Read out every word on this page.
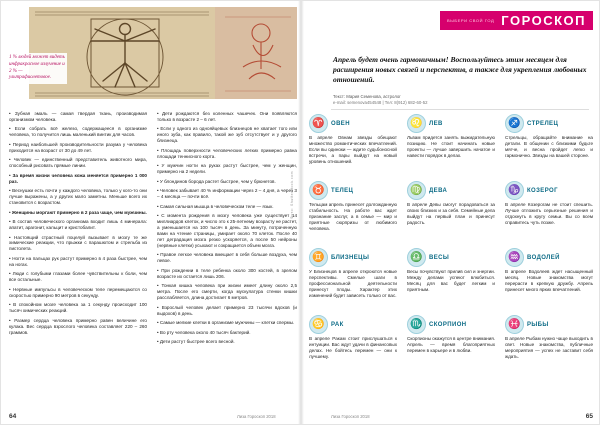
1 % людей может видеть инфракрасное излучение и 2 % — ультрафиолетовое.
• Зубная эмаль — самая твердая ткань, производимая организмом человека.
• Если собрать всё железо, содержащееся в организме человека, то получится лишь маленький винтик для часов.
• Период наибольшей производительности разума у человека приходится на возраст от 30 до 49 лет.
• Человек — единственный представитель животного мира, способный рисовать прямые линии.
• За время жизни человека кожа меняется примерно 1 000 раз.
• Веснушки есть почти у каждого человека, только у кого-то они лучше выражены, а у других мало заметны. Меньше всего их становится с возрастом.
• Женщины моргают примерно в 2 раза чаще, чем мужчины.
• В состав человеческого организма входит лишь 4 минерала: апатит, арагонит, кальцит и кристобалит.
• Настоящий страстный поцелуй вызывает в мозгу те же химические реакции, что прыжки с парашютом и стрельба из пистолета.
• Ногти на пальцах рук растут примерно в 4 раза быстрее, чем на ногах.
• Люди с голубыми глазами более чувствительны к боли, чем все остальные.
• Нервные импульсы в человеческом теле перемещаются со скоростью примерно 90 метров в секунду.
• В спокойном мозге человека за 1 секунду происходит 100 тысяч химических реакций.
• Размер сердца человека примерно равен величине его кулака. Вес сердца взрослого человека составляет 220 – 260 граммов.
• Дети рождаются без коленных чашечек. Они появляются только в возрасте 2 – 6 лет.
• Если у одного из однояйцевых близнецов не хватает того или иного зуба, как правило, такой же зуб отсутствует и у другого близнеца.
• Площадь поверхности человеческих легких примерно равна площади теннисного корта.
• У мужчин ногти на руках растут быстрее, чем у женщин, примерно на 2 недели.
• У блондинов борода растет быстрее, чем у брюнетов.
• Человек забывает 40 % информации через 2 – 4 дня, а через 3 – 4 месяца — почти всё.
• Самая сильная мышца в человеческом теле — язык.
• С момента рождения в мозгу человека уже существует 14 миллиардов клеток, и число это к 25-летнему возрасту не растет, а уменьшается на 100 тысяч в день. За минуту, потраченную вами на чтение страницы, умирает около 70 клеток. После 40 лет деградация мозга резко ускоряется, а после 50 нейроны (нервные клетки) усыхают и сокращается объем мозга.
• Правое легкое человека вмещает в себя больше воздуха, чем левое.
• При рождении в теле ребенка около 300 костей, в зрелом возрасте их остается лишь 206.
• Тонкая кишка человека при жизни имеет длину около 2,5 метра. После его смерти, когда мускулатура стенки кишки расслабляется, длина достигает 6 метров.
• Взрослый человек делает примерно 23 тысячи вдохов (и выдохов) в день.
• Самые мелкие клетки в организме мужчины — клетки спермы.
• Во рту человека около 40 тысяч бактерий.
• Дети растут быстрее всего весной.
Фото: Shutterstock.com
64	Лиза Гороскоп 2018
ВЫБЕРИ СВОЙ ГОД ГОРОСКОП
Апрель будет очень гармоничным! Воспользуйтесь этим месяцем для расширения новых связей и перспектив, а также для укрепления любовных отношений.
Текст: Мария Семенова, астролог
e-mail: semenova454548 | Тел: 8(912) 682-60-52
♈	ОВЕН
В апреле Овнам звезды обещают множество романтических впечатлений. Если вы одиноки — ждите судьбоносной встречи, а пары выйдут на новый уровень отношений.
♉	ТЕЛЕЦ
Тельцам апрель принесет долгожданную стабильность. На работе вас ждет признание заслуг, а в семье — мир и приятные сюрпризы от любимого человека.
♊	БЛИЗНЕЦЫ
У Близнецов в апреле откроются новые перспективы. Смелые шаги в профессиональной деятельности принесут плоды. Характер этих изменений будет зависеть только от вас.
♋	РАК
В апреле Ракам стоит прислушаться к интуиции. Вас ждут удачи в финансовых делах. Не бойтесь перемен — они к лучшему.
♌	ЛЕВ
Львам придется занять выжидательную позицию. Не стоит начинать новые проекты — лучше завершить начатое и навести порядок в делах.
♍	ДЕВА
В апреле Девы смогут порадоваться за своих близких и за себя. Семейные дела выйдут на первый план и принесут радость.
♎	ВЕСЫ
Весы почувствуют прилив сил и энергии. Между делами успеют влюбиться. Месяц для вас будет легким и приятным.
♏	СКОРПИОН
Скорпионы окажутся в центре внимания. Апрель — время благоприятных перемен в карьере и в любви.
♐	СТРЕЛЕЦ
Стрельцы, обращайте внимание на детали. В общении с близкими будьте мягче, и весна пройдет легко и гармонично. Звезды на вашей стороне.
♑	КОЗЕРОГ
В апреле Козерогам не стоит спешить. Лучше отложить серьезные решения и отдохнуть в кругу семьи. Вы со всем справитесь чуть позже.
♒	ВОДОЛЕЙ
В апреле Водолеев ждет насыщенный месяц. Новые знакомства могут перерасти в крепкую дружбу. Апрель принесет много ярких впечатлений.
♓	РЫБЫ
В апреле Рыбам нужно чаще выходить в свет. Новые знакомства, публичные мероприятия — успех не заставит себя ждать.
Лиза Гороскоп 2018	65
